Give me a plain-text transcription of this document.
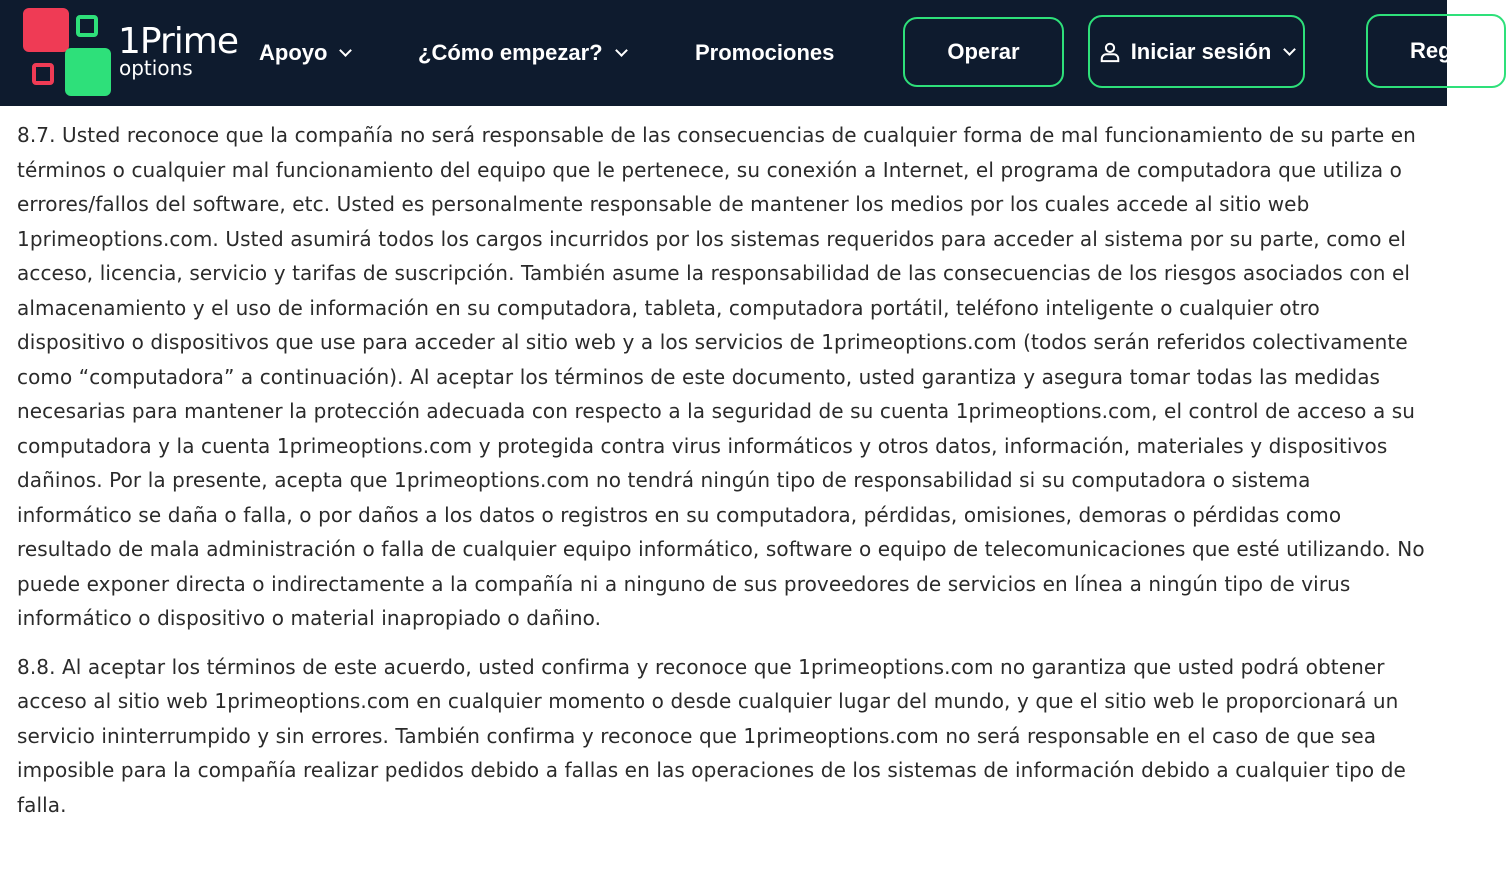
1Prime
options
Apoyo	¿Cómo empezar?	Promociones	Operar	Iniciar sesión	Reg

8.7. Usted reconoce que la compañía no será responsable de las consecuencias de cualquier forma de mal funcionamiento de su parte en términos o cualquier mal funcionamiento del equipo que le pertenece, su conexión a Internet, el programa de computadora que utiliza o errores/fallos del software, etc. Usted es personalmente responsable de mantener los medios por los cuales accede al sitio web 1primeoptions.com. Usted asumirá todos los cargos incurridos por los sistemas requeridos para acceder al sistema por su parte, como el acceso, licencia, servicio y tarifas de suscripción. También asume la responsabilidad de las consecuencias de los riesgos asociados con el almacenamiento y el uso de información en su computadora, tableta, computadora portátil, teléfono inteligente o cualquier otro dispositivo o dispositivos que use para acceder al sitio web y a los servicios de 1primeoptions.com (todos serán referidos colectivamente como “computadora” a continuación). Al aceptar los términos de este documento, usted garantiza y asegura tomar todas las medidas necesarias para mantener la protección adecuada con respecto a la seguridad de su cuenta 1primeoptions.com, el control de acceso a su computadora y la cuenta 1primeoptions.com y protegida contra virus informáticos y otros datos, información, materiales y dispositivos dañinos. Por la presente, acepta que 1primeoptions.com no tendrá ningún tipo de responsabilidad si su computadora o sistema informático se daña o falla, o por daños a los datos o registros en su computadora, pérdidas, omisiones, demoras o pérdidas como resultado de mala administración o falla de cualquier equipo informático, software o equipo de telecomunicaciones que esté utilizando. No puede exponer directa o indirectamente a la compañía ni a ninguno de sus proveedores de servicios en línea a ningún tipo de virus informático o dispositivo o material inapropiado o dañino.

8.8. Al aceptar los términos de este acuerdo, usted confirma y reconoce que 1primeoptions.com no garantiza que usted podrá obtener acceso al sitio web 1primeoptions.com en cualquier momento o desde cualquier lugar del mundo, y que el sitio web le proporcionará un servicio ininterrumpido y sin errores. También confirma y reconoce que 1primeoptions.com no será responsable en el caso de que sea imposible para la compañía realizar pedidos debido a fallas en las operaciones de los sistemas de información debido a cualquier tipo de falla.
